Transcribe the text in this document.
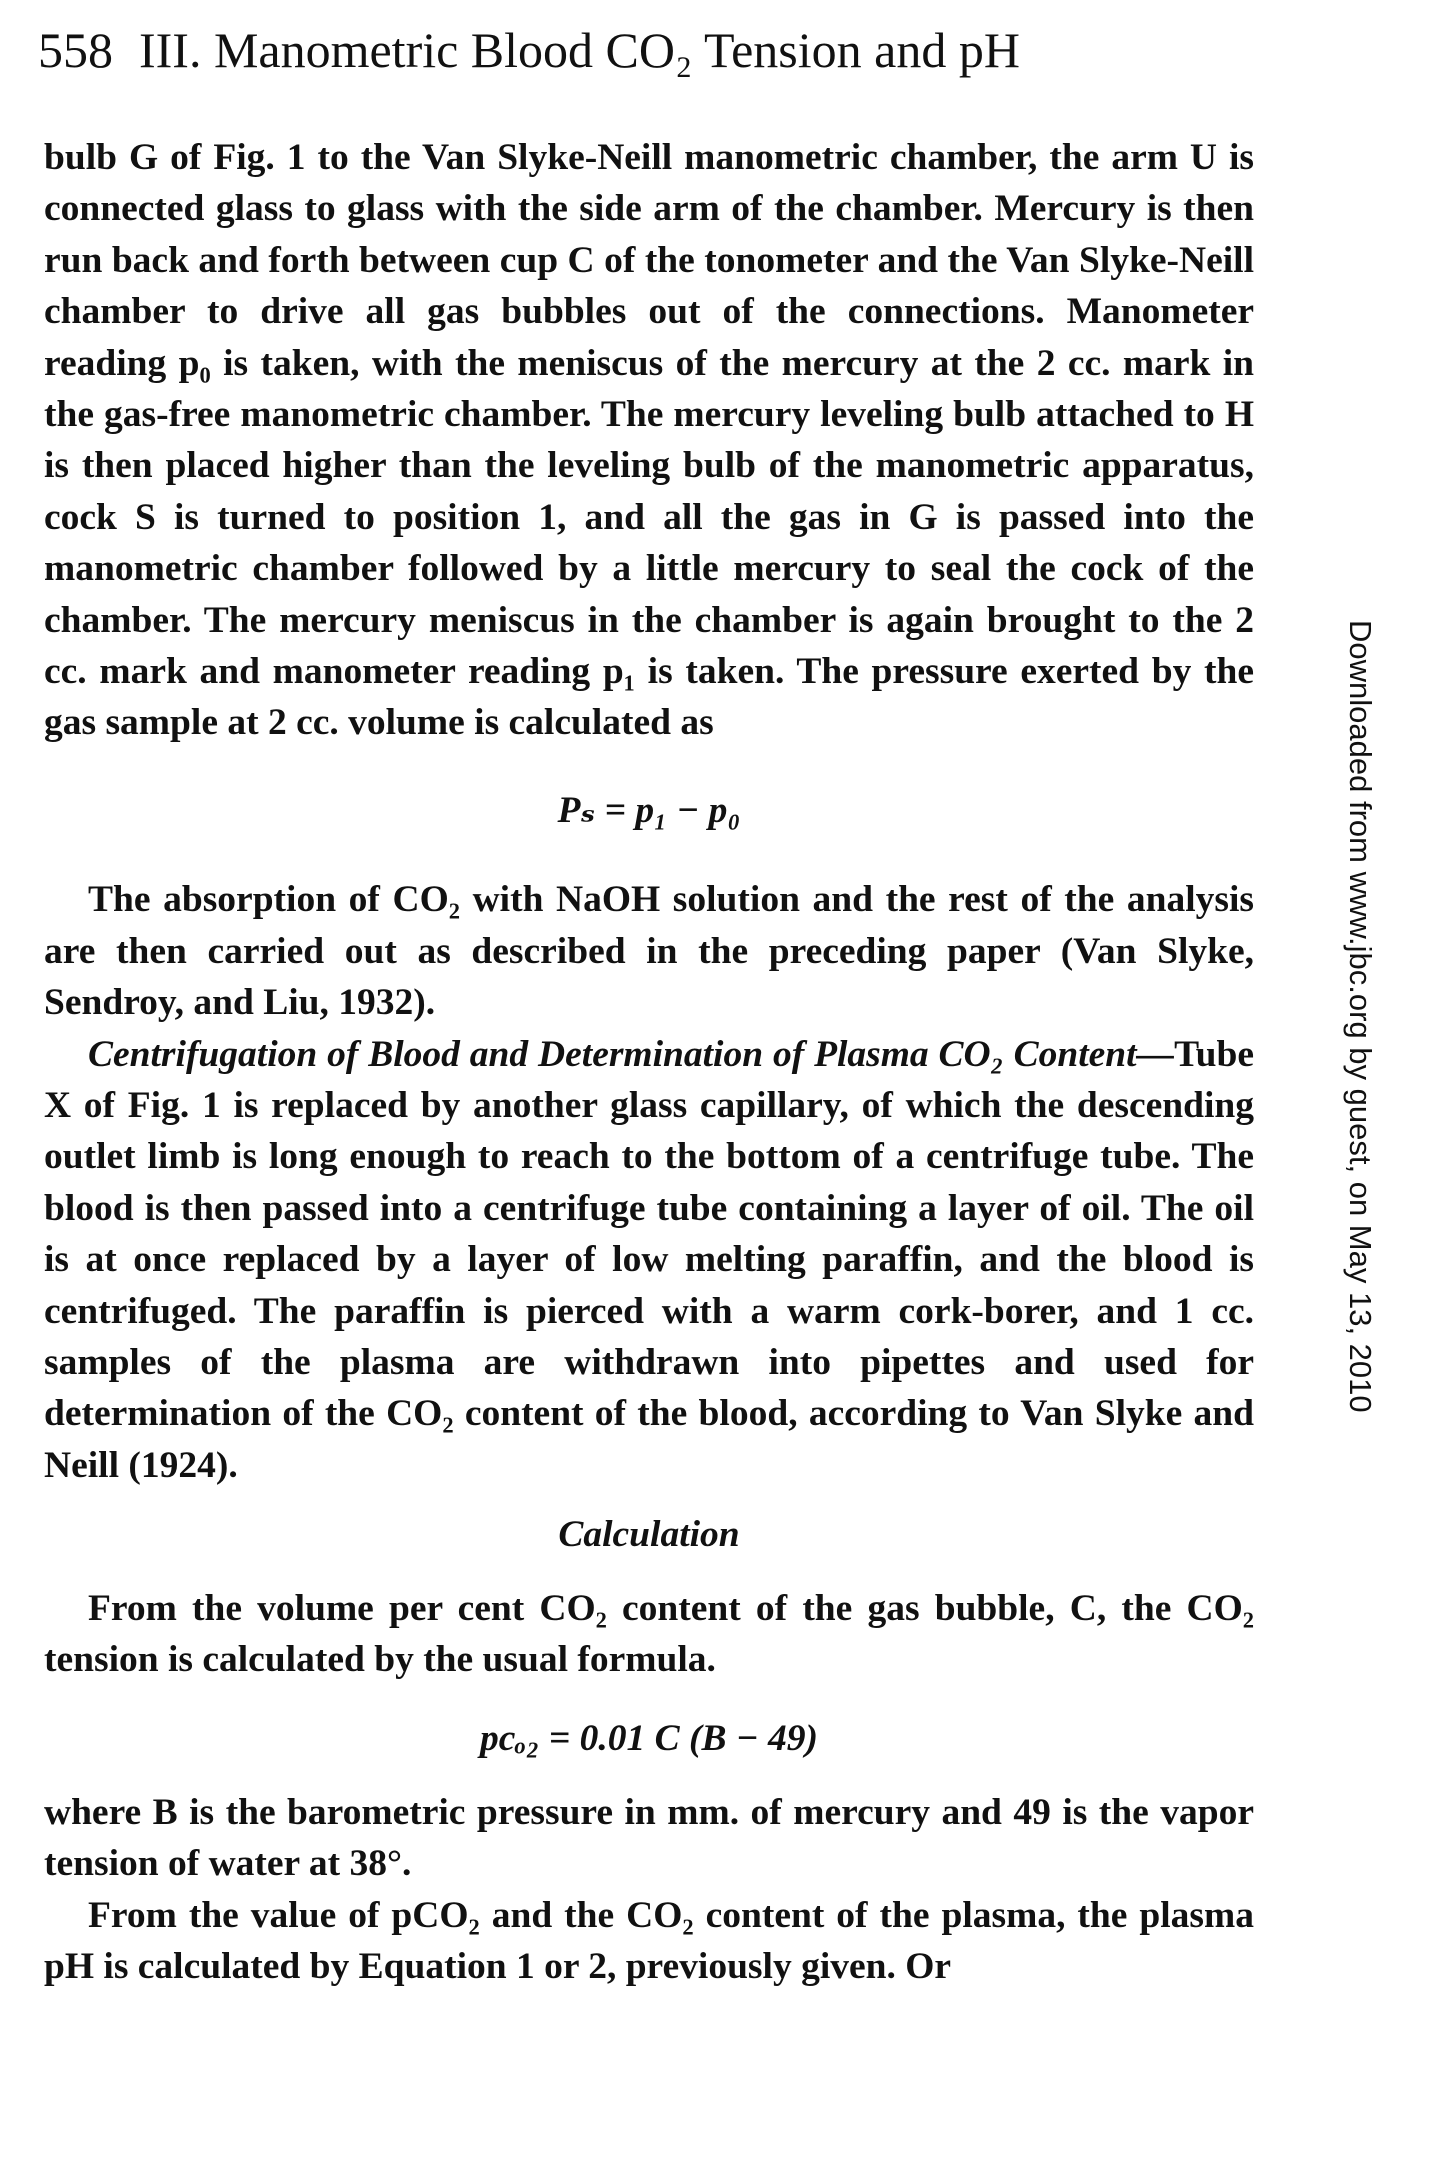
558 III. Manometric Blood CO₂ Tension and pH

bulb G of Fig. 1 to the Van Slyke-Neill manometric chamber, the arm U is connected glass to glass with the side arm of the chamber. Mercury is then run back and forth between cup C of the tonometer and the Van Slyke-Neill chamber to drive all gas bubbles out of the connections. Manometer reading p₀ is taken, with the meniscus of the mercury at the 2 cc. mark in the gas-free manometric chamber. The mercury leveling bulb attached to H is then placed higher than the leveling bulb of the manometric apparatus, cock S is turned to position 1, and all the gas in G is passed into the manometric chamber followed by a little mercury to seal the cock of the chamber. The mercury meniscus in the chamber is again brought to the 2 cc. mark and manometer reading p₁ is taken. The pressure exerted by the gas sample at 2 cc. volume is calculated as

Pₛ = p₁ − p₀

The absorption of CO₂ with NaOH solution and the rest of the analysis are then carried out as described in the preceding paper (Van Slyke, Sendroy, and Liu, 1932).

Centrifugation of Blood and Determination of Plasma CO₂ Content—Tube X of Fig. 1 is replaced by another glass capillary, of which the descending outlet limb is long enough to reach to the bottom of a centrifuge tube. The blood is then passed into a centrifuge tube containing a layer of oil. The oil is at once replaced by a layer of low melting paraffin, and the blood is centrifuged. The paraffin is pierced with a warm cork-borer, and 1 cc. samples of the plasma are withdrawn into pipettes and used for determination of the CO₂ content of the blood, according to Van Slyke and Neill (1924).

Calculation

From the volume per cent CO₂ content of the gas bubble, C, the CO₂ tension is calculated by the usual formula.

pсₒ₂ = 0.01 C (B − 49)

where B is the barometric pressure in mm. of mercury and 49 is the vapor tension of water at 38°.

From the value of pCO₂ and the CO₂ content of the plasma, the plasma pH is calculated by Equation 1 or 2, previously given. Or

Downloaded from www.jbc.org by guest, on May 13, 2010
